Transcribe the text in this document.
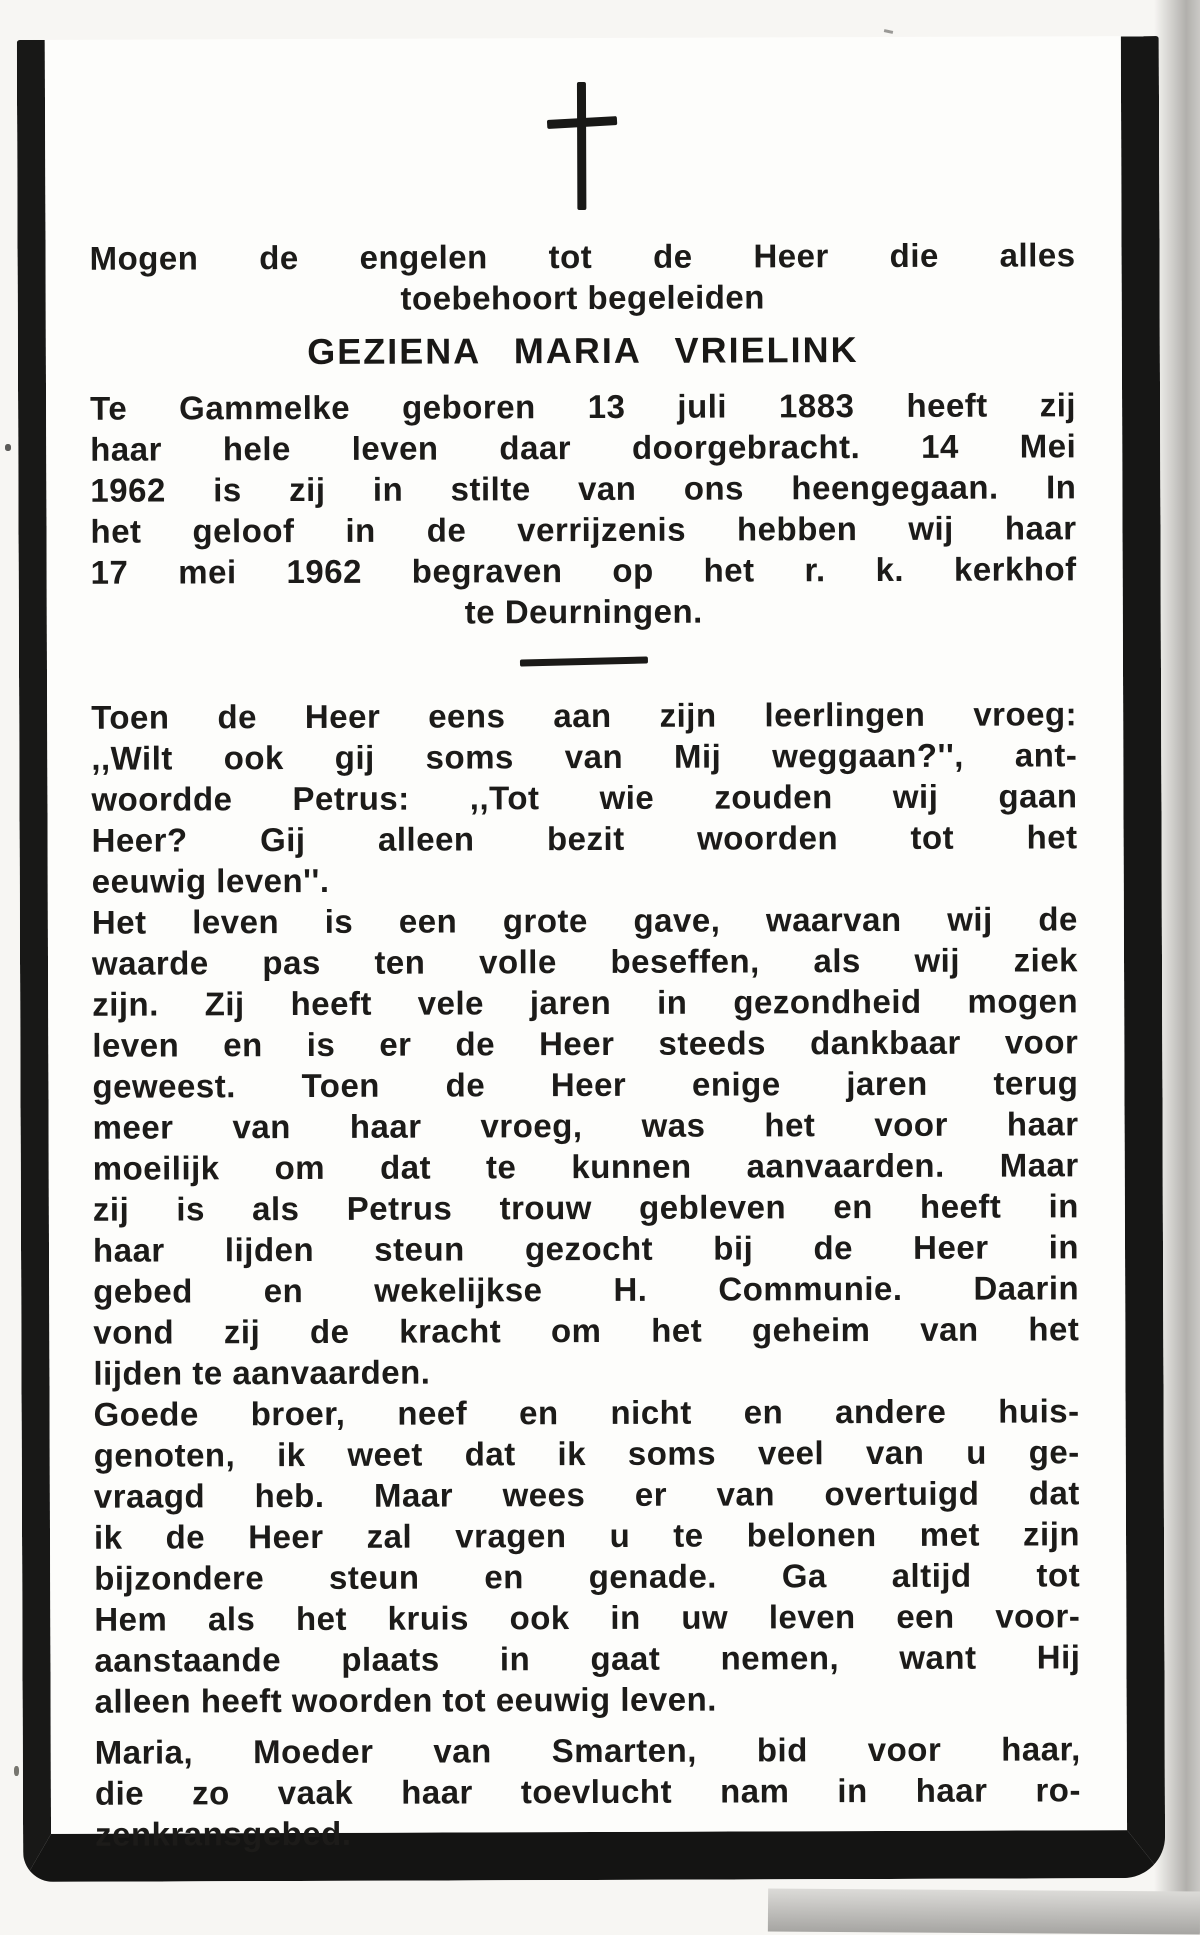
Mogen de engelen tot de Heer die alles
toebehoort begeleiden
GEZIENA MARIA VRIELINK
Te Gammelke geboren 13 juli 1883 heeft zij
haar hele leven daar doorgebracht. 14 Mei
1962 is zij in stilte van ons heengegaan. In
het geloof in de verrijzenis hebben wij haar
17 mei 1962 begraven op het r. k. kerkhof
te Deurningen.
Toen de Heer eens aan zijn leerlingen vroeg:
,,Wilt ook gij soms van Mij weggaan?'', ant-
woordde Petrus: ,,Tot wie zouden wij gaan
Heer? Gij alleen bezit woorden tot het
eeuwig leven''.
Het leven is een grote gave, waarvan wij de
waarde pas ten volle beseffen, als wij ziek
zijn. Zij heeft vele jaren in gezondheid mogen
leven en is er de Heer steeds dankbaar voor
geweest. Toen de Heer enige jaren terug
meer van haar vroeg, was het voor haar
moeilijk om dat te kunnen aanvaarden. Maar
zij is als Petrus trouw gebleven en heeft in
haar lijden steun gezocht bij de Heer in
gebed en wekelijkse H. Communie. Daarin
vond zij de kracht om het geheim van het
lijden te aanvaarden.
Goede broer, neef en nicht en andere huis-
genoten, ik weet dat ik soms veel van u ge-
vraagd heb. Maar wees er van overtuigd dat
ik de Heer zal vragen u te belonen met zijn
bijzondere steun en genade. Ga altijd tot
Hem als het kruis ook in uw leven een voor-
aanstaande plaats in gaat nemen, want Hij
alleen heeft woorden tot eeuwig leven.
Maria, Moeder van Smarten, bid voor haar,
die zo vaak haar toevlucht nam in haar ro-
zenkransgebed.
